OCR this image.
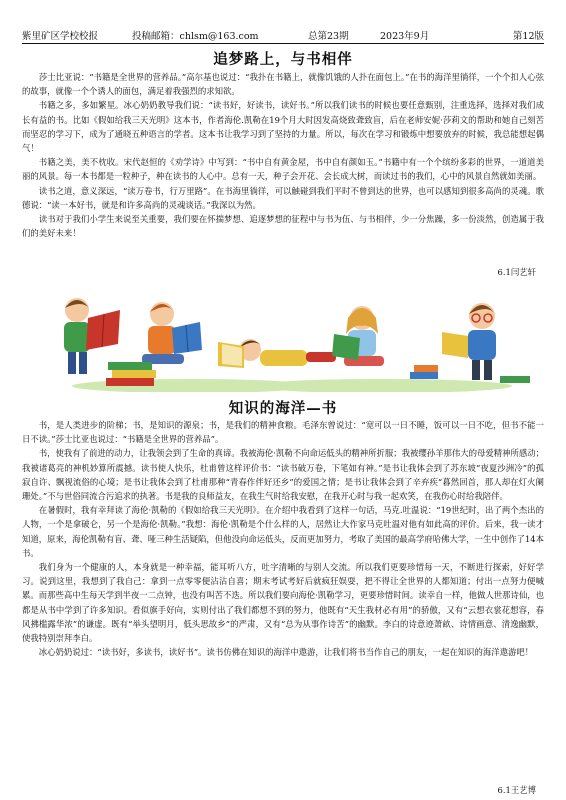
紫里矿区学校校报	投稿邮箱：chlsm@163.com	总第23期	2023年9月	第12版
追梦路上，与书相伴

莎士比亚说：“书籍是全世界的营养品。”高尔基也说过：“我扑在书籍上，就像饥饿的人扑在面包上。”在书的海洋里徜徉，一个个扣人心弦的故事，就像一个个诱人的面包，满足着我强烈的求知欲。

书籍之多，多如繁星。冰心奶奶教导我们说：“读书好，好读书，读好书。”所以我们读书的时候也要任意甄别，注重选择，选择对我们成长有益的书。比如《假如给我三天光明》这本书，作者海伦.凯勒在19个月大时因发高烧致聋致盲，后在老师安妮·莎莉文的帮助和她自己刻苦而坚忍的学习下，成为了通晓五种语言的学者。这本书让我学习到了坚持的力量。所以，每次在学习和锻炼中想要放弃的时候，我总能想起偶气！

书籍之美，美不枕收。宋代赵恒的《劝学诗》中写到：“书中自有黄金屋，书中自有颜如玉。”书籍中有一个个缤纷多彩的世界，一道道美丽的风景。每一本书都是一粒种子，种在读书的人心中。总有一天，种子会开花、会长成大树，而读过书的我们，心中的风景自然就如美丽。

读书之道，意义深远，“读万卷书，行万里路”。在书海里徜徉，可以触碰到我们平时不曾到达的世界，也可以感知到很多高尚的灵魂。歌德说：“读一本好书，就是和许多高尚的灵魂谈话。”我深以为然。

读书对于我们小学生来说至关重要，我们要在怀揣梦想、追逐梦想的征程中与书为伍、与书相伴，少一分焦躁，多一份淡然，创造属于我们的美好未来！

6.1闫艺轩
知识的海洋—书

书，是人类进步的阶梯；书，是知识的源泉；书，是我们的精神食粮。毛泽东曾说过：“宽可以一日不睡，饭可以一日不吃，但书不能一日不读。”莎士比亚也说过：“书籍是全世界的营养品”。

书，使我有了前进的动力，让我领会到了生命的真谛。我被海伦·凯勒不向命运低头的精神所折服；我被缨孙羊那伟大的母爱精神所感动；我被诸葛亮的神机妙算所震撼。读书使人快乐，杜甫曾这样评价书：“读书破万卷，下笔如有神。”是书让我体会到了苏东坡“夜夏沙洲冷”的孤寂自许、飘视流俗的心境；是书让我体会到了杜甫那种“青春作伴好还乡”的爱国之情；是书让我体会到了辛弃疾“暮然回首，那人却在灯火阑珊处。”不与世俗同流合污追求的执著。书是我的良师益友，在我生气时给我安慰，在我开心时与我一起欢笑，在我伤心时给我陪伴。

在暑假时，我有幸拜读了海伦·凯勒的《假如给我三天光明》。在介绍中我看到了这样一句话，马克.吐温说：“19世纪时，出了两个杰出的人物，一个是拿破仑，另一个是海伦·凯勒。”我想：海伦·凯勒是个什么样的人，居然让大作家马克吐温对他有如此高的评价。后来，我一读才知道，原来，海伦凯勒有盲、聋、哑三种生活疑陷，但他没向命运低头，反而更加努力，考取了美国的最高学府哈佛大学，一生中创作了14本书。

我们身为一个健康的人，本身就是一种幸福，能耳听八方，吐字清晰的与别人交流。所以我们更要珍惜每一天，不断进行探索，好好学习。说到这里，我想到了我自己：拿到一点零零便沾沾自喜；期末考试考好后就疯狂娱耍，把不得让全世界的人都知道；付出一点努力便喊累。而那些高中生每天学到半夜一二点钟，也没有叫苦不迭。所以我们要向海伦·凯勒学习，更要珍惜时间。读幸自一样，他做人世那诗仙，也都是从书中学到了许多知识。看似旗手好向，实则付出了我们都想不到的努力，他既有“天生我材必有用”的骄傲，又有“云想衣裳花想容，春风拂槛露华浓”的谦虚。既有“举头望明月，低头思故乡”的严肃，又有“总为从事作诗苦”的幽默。李白的诗意迹萧畝、诗情画意、清逸幽默，使我特别崇拜李白。

冰心奶奶说过：“读书好，多读书，读好书”。读书仿佛在知识的海洋中遨游，让我们将书当作自己的朋友，一起在知识的海洋遨游吧！

6.1王艺博
